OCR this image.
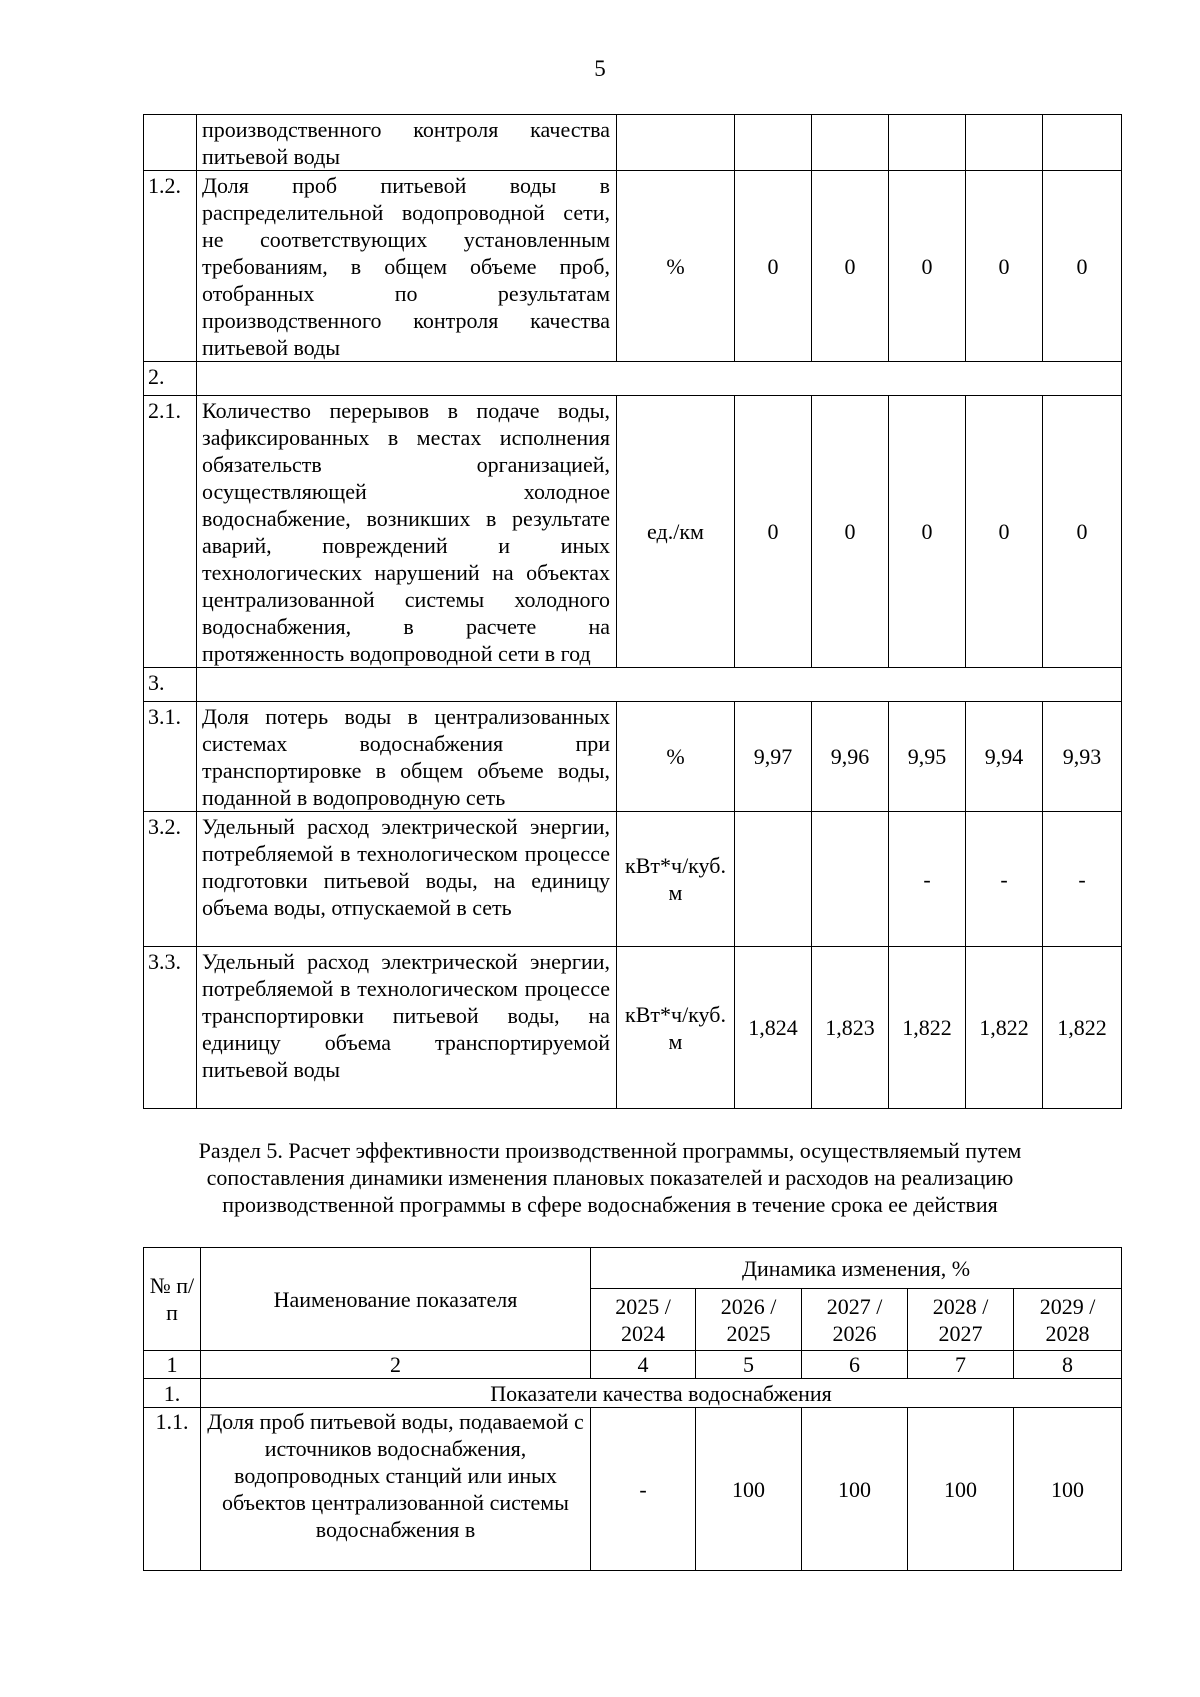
5
	производственного контроля качества питьевой воды						
1.2.	Доля проб питьевой воды в распределительной водопроводной сети, не соответствующих установленным требованиям, в общем объеме проб, отобранных по результатам производственного контроля качества питьевой воды	%	0	0	0	0	0
2.							
2.1.	Количество перерывов в подаче воды, зафиксированных в местах исполнения обязательств организацией, осуществляющей холодное водоснабжение, возникших в результате аварий, повреждений и иных технологических нарушений на объектах централизованной системы холодного водоснабжения, в расчете на протяженность водопроводной сети в год	ед./км	0	0	0	0	0
3.							
3.1.	Доля потерь воды в централизованных системах водоснабжения при транспортировке в общем объеме воды, поданной в водопроводную сеть	%	9,97	9,96	9,95	9,94	9,93
3.2.	Удельный расход электрической энергии, потребляемой в технологическом процессе подготовки питьевой воды, на единицу объема воды, отпускаемой в сеть	кВт*ч/куб. м			-	-	-
3.3.	Удельный расход электрической энергии, потребляемой в технологическом процессе транспортировки питьевой воды, на единицу объема транспортируемой питьевой воды	кВт*ч/куб. м	1,824	1,823	1,822	1,822	1,822
Раздел 5. Расчет эффективности производственной программы, осуществляемый путем сопоставления динамики изменения плановых показателей и расходов на реализацию производственной программы в сфере водоснабжения в течение срока ее действия
№ п/п	Наименование показателя	Динамика изменения, %				
		2025 / 2024	2026 / 2025	2027 / 2026	2028 / 2027	2029 / 2028
1	2	4	5	6	7	8
1.	Показатели качества водоснабжения					
1.1.	Доля проб питьевой воды, подаваемой с источников водоснабжения, водопроводных станций или иных объектов централизованной системы водоснабжения в	-	100	100	100	100
